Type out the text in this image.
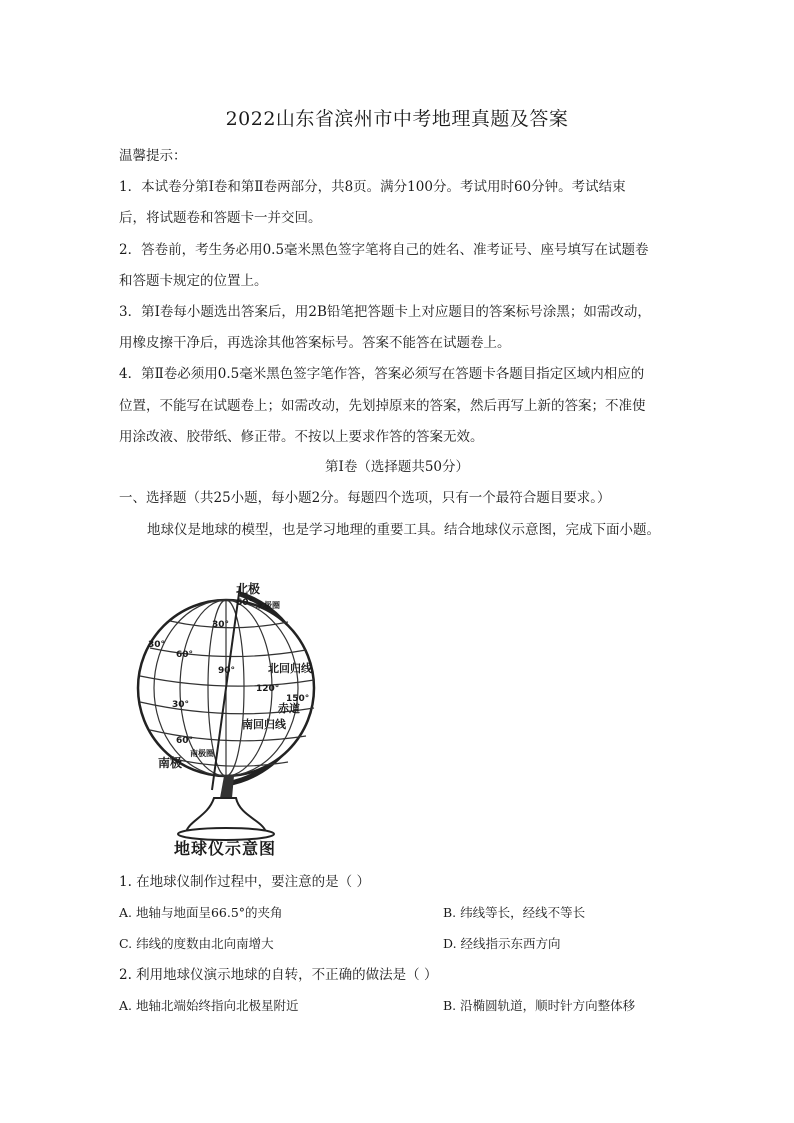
2022山东省滨州市中考地理真题及答案
温馨提示：
1．本试卷分第Ⅰ卷和第Ⅱ卷两部分，共8页。满分100分。考试用时60分钟。考试结束
后，将试题卷和答题卡一并交回。
2．答卷前，考生务必用0.5毫米黑色签字笔将自己的姓名、准考证号、座号填写在试题卷
和答题卡规定的位置上。
3．第Ⅰ卷每小题选出答案后，用2B铅笔把答题卡上对应题目的答案标号涂黑；如需改动，
用橡皮擦干净后，再选涂其他答案标号。答案不能答在试题卷上。
4．第Ⅱ卷必须用0.5毫米黑色签字笔作答，答案必须写在答题卡各题目指定区域内相应的
位置，不能写在试题卷上；如需改动，先划掉原来的答案，然后再写上新的答案；不准使
用涂改液、胶带纸、修正带。不按以上要求作答的答案无效。
第Ⅰ卷（选择题共50分）
一、选择题（共25小题，每小题2分。每题四个选项，只有一个最符合题目要求。）
地球仪是地球的模型，也是学习地理的重要工具。结合地球仪示意图，完成下面小题。
北极
60° 北极圈
30°
30°
60°
90°	北回归线
120°
150°
赤道
30°
南回归线
60°
南极圈
南极
地球仪示意图
1. 在地球仪制作过程中，要注意的是（ ）
A. 地轴与地面呈66.5°的夹角	B. 纬线等长，经线不等长
C. 纬线的度数由北向南增大	D. 经线指示东西方向
2. 利用地球仪演示地球的自转，不正确的做法是（ ）
A. 地轴北端始终指向北极星附近	B. 沿椭圆轨道，顺时针方向整体移
